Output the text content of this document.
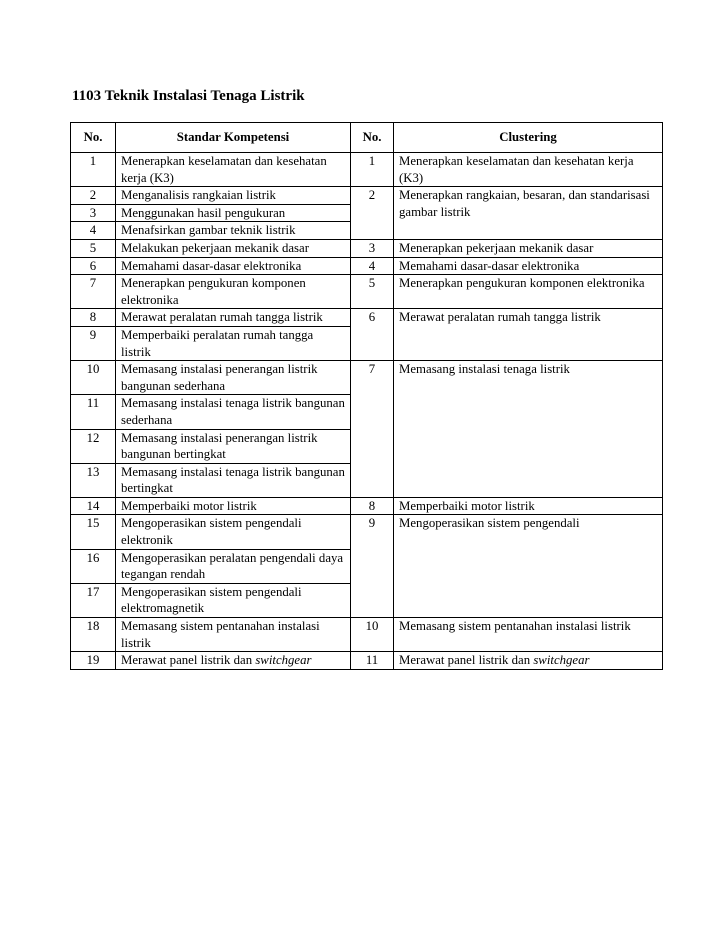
1103 Teknik Instalasi Tenaga Listrik
No.	Standar Kompetensi	No.	Clustering
1	Menerapkan keselamatan dan kesehatan kerja (K3)	1	Menerapkan keselamatan dan kesehatan kerja (K3)
2	Menganalisis rangkaian listrik	2	Menerapkan rangkaian, besaran, dan standarisasi gambar listrik
3	Menggunakan hasil pengukuran		
4	Menafsirkan gambar teknik listrik		
5	Melakukan pekerjaan mekanik dasar	3	Menerapkan pekerjaan mekanik dasar
6	Memahami dasar-dasar elektronika	4	Memahami dasar-dasar elektronika
7	Menerapkan pengukuran komponen elektronika	5	Menerapkan pengukuran komponen elektronika
8	Merawat peralatan rumah tangga listrik	6	Merawat peralatan rumah tangga listrik
9	Memperbaiki peralatan rumah tangga listrik		
10	Memasang instalasi penerangan listrik bangunan sederhana	7	Memasang instalasi tenaga listrik
11	Memasang instalasi tenaga listrik bangunan sederhana		
12	Memasang instalasi penerangan listrik bangunan bertingkat		
13	Memasang instalasi tenaga listrik bangunan bertingkat		
14	Memperbaiki motor listrik	8	Memperbaiki motor listrik
15	Mengoperasikan sistem pengendali elektronik	9	Mengoperasikan sistem pengendali
16	Mengoperasikan peralatan pengendali daya tegangan rendah		
17	Mengoperasikan sistem pengendali elektromagnetik		
18	Memasang sistem pentanahan instalasi listrik	10	Memasang sistem pentanahan instalasi listrik
19	Merawat panel listrik dan switchgear	11	Merawat panel listrik dan switchgear
